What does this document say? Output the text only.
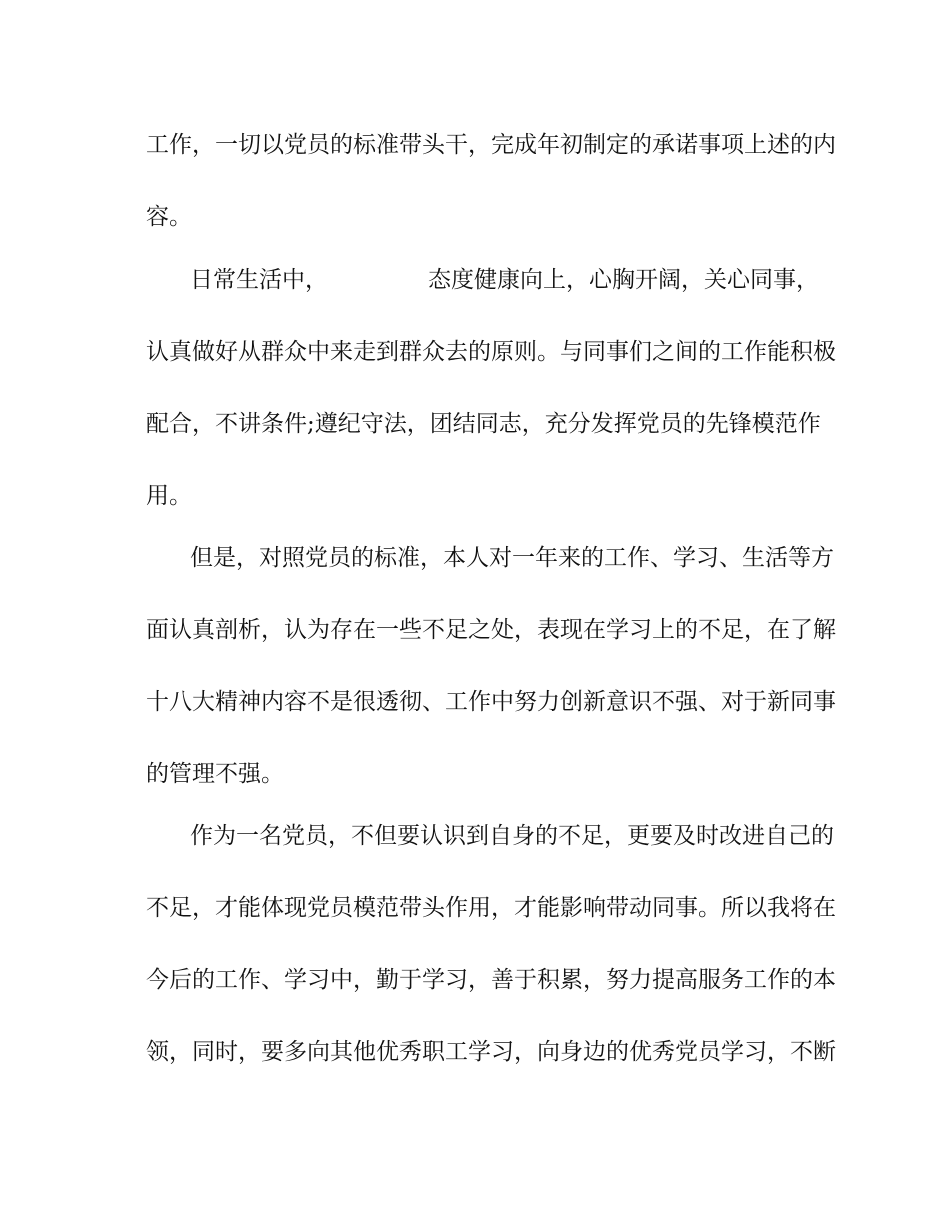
工作，一切以党员的标准带头干，完成年初制定的承诺事项上述的内
容。
日常生活中，	态度健康向上，心胸开阔，关心同事，
认真做好从群众中来走到群众去的原则。与同事们之间的工作能积极
配合，不讲条件;遵纪守法，团结同志，充分发挥党员的先锋模范作
用。
但是，对照党员的标准，本人对一年来的工作、学习、生活等方
面认真剖析，认为存在一些不足之处，表现在学习上的不足，在了解
十八大精神内容不是很透彻、工作中努力创新意识不强、对于新同事
的管理不强。
作为一名党员，不但要认识到自身的不足，更要及时改进自己的
不足，才能体现党员模范带头作用，才能影响带动同事。所以我将在
今后的工作、学习中，勤于学习，善于积累，努力提高服务工作的本
领，同时，要多向其他优秀职工学习，向身边的优秀党员学习，不断
